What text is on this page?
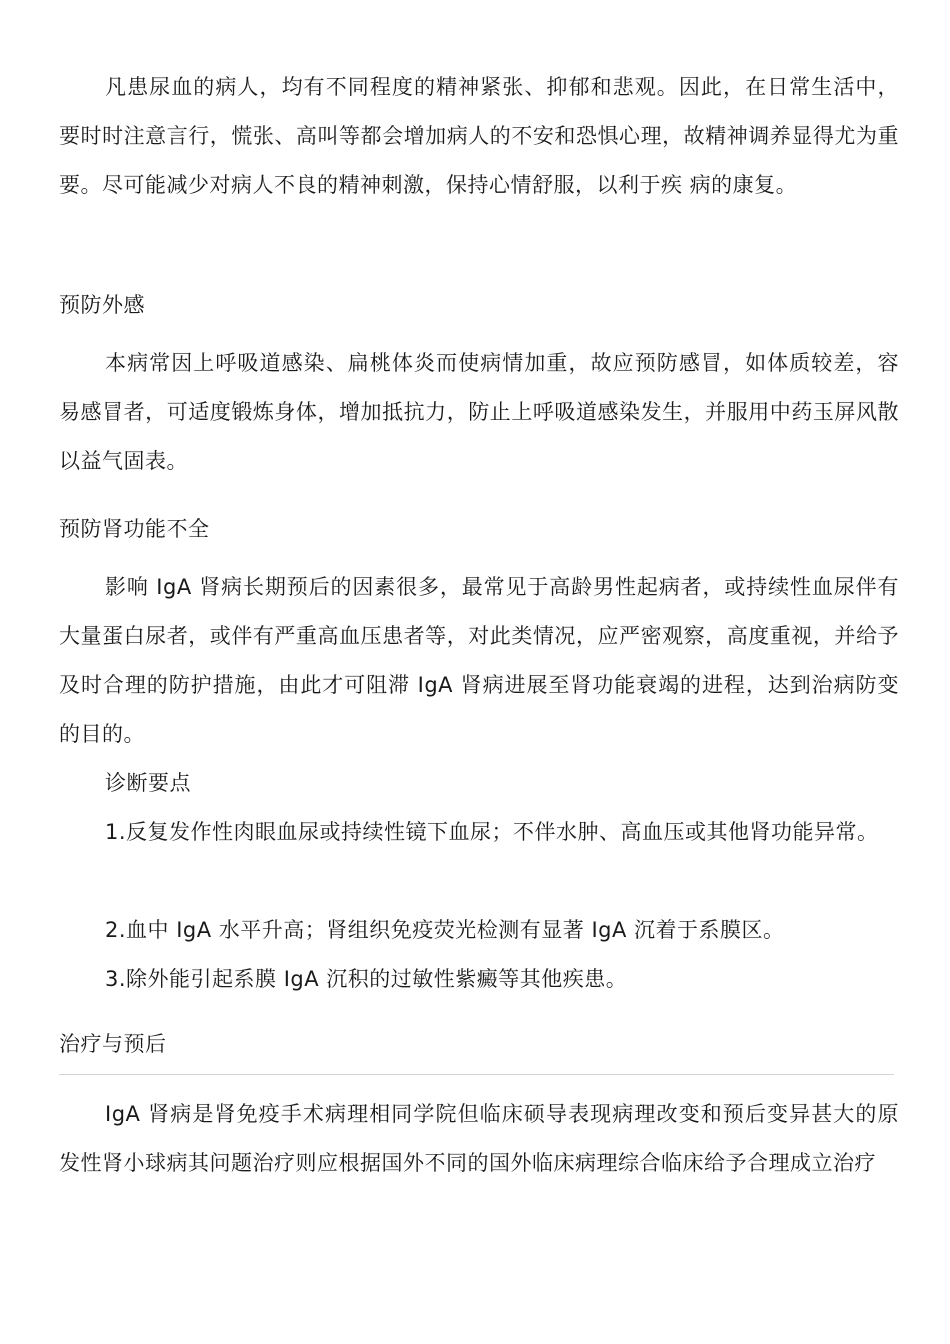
凡患尿血的病人，均有不同程度的精神紧张、抑郁和悲观。因此，在日常生活中，要时时注意言行，慌张、高叫等都会增加病人的不安和恐惧心理，故精神调养显得尤为重要。尽可能减少对病人不良的精神刺激，保持心情舒服，以利于疾 病的康复。

预防外感

本病常因上呼吸道感染、扁桃体炎而使病情加重，故应预防感冒，如体质较差，容易感冒者，可适度锻炼身体，增加抵抗力，防止上呼吸道感染发生，并服用中药玉屏风散以益气固表。

预防肾功能不全

影响 IgA 肾病长期预后的因素很多，最常见于高龄男性起病者，或持续性血尿伴有大量蛋白尿者，或伴有严重高血压患者等，对此类情况，应严密观察，高度重视，并给予及时合理的防护措施，由此才可阻滞 IgA 肾病进展至肾功能衰竭的进程，达到治病防变的目的。

诊断要点

1.反复发作性肉眼血尿或持续性镜下血尿；不伴水肿、高血压或其他肾功能异常。

2.血中 IgA 水平升高；肾组织免疫荧光检测有显著 IgA 沉着于系膜区。

3.除外能引起系膜 IgA 沉积的过敏性紫癜等其他疾患。

治疗与预后

IgA 肾病是肾免疫手术病理相同学院但临床硕导表现病理改变和预后变异甚大的原发性肾小球病其问题治疗则应根据国外不同的国外临床病理综合临床给予合理成立治疗
